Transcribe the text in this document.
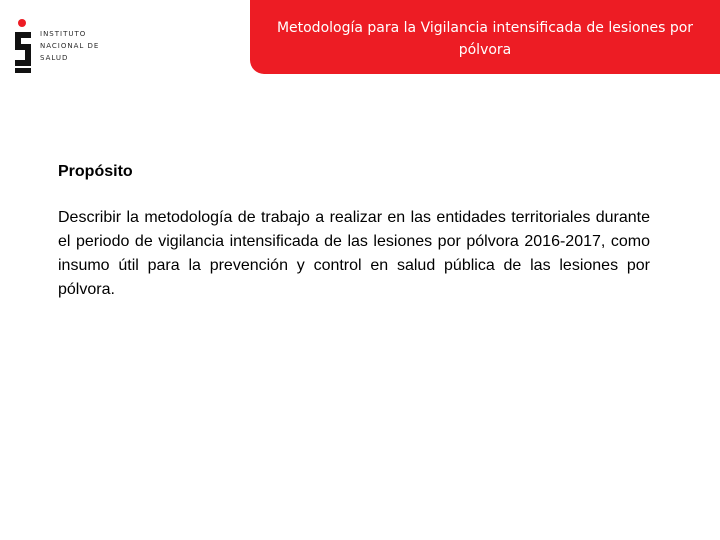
INSTITUTO
NACIONAL DE
SALUD
Metodología para la Vigilancia intensificada de lesiones por pólvora
Propósito

Describir la metodología de trabajo a realizar en las entidades territoriales durante el periodo de vigilancia intensificada de las lesiones por pólvora 2016-2017, como insumo útil para la prevención y control en salud pública de las lesiones por pólvora.
